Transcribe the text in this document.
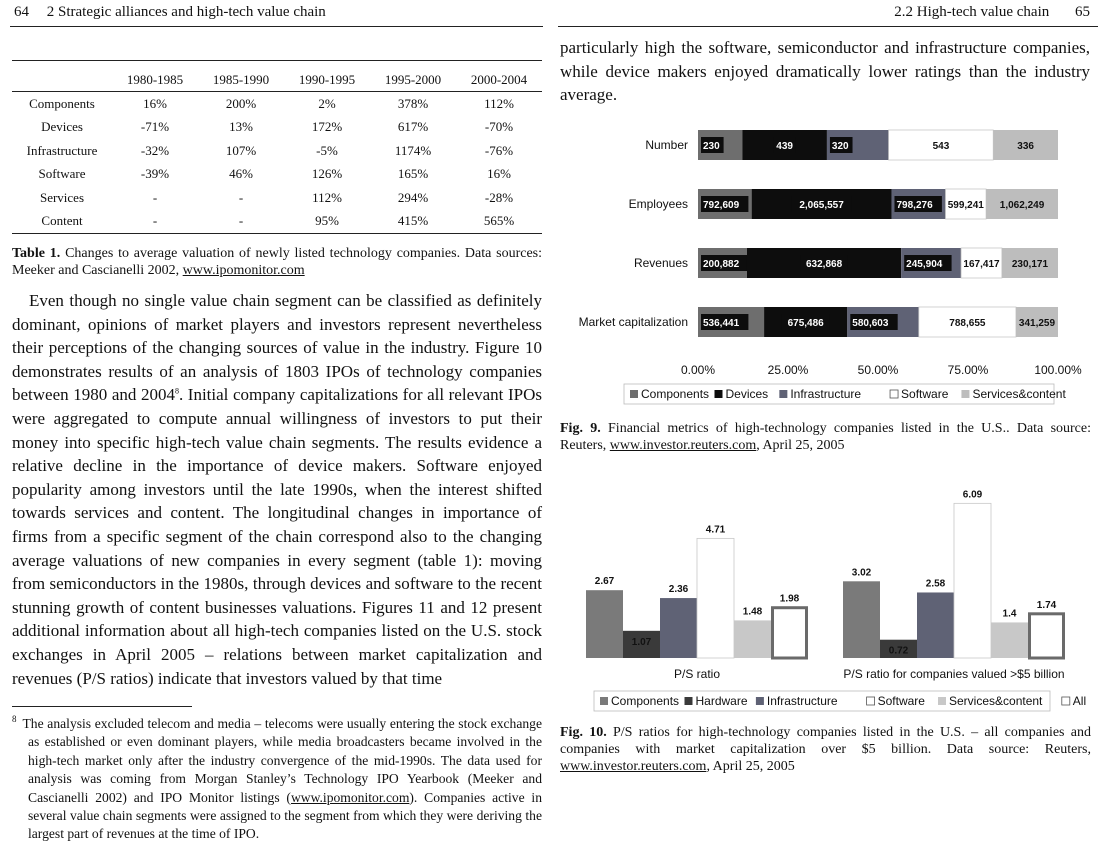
64 2 Strategic alliances and high-tech value chain
	1980-1985	1985-1990	1990-1995	1995-2000	2000-2004
Components	16%	200%	2%	378%	112%
Devices	-71%	13%	172%	617%	-70%
Infrastructure	-32%	107%	-5%	1174%	-76%
Software	-39%	46%	126%	165%	16%
Services	-	-	112%	294%	-28%
Content	-	-	95%	415%	565%
Table 1. Changes to average valuation of newly listed technology companies. Data sources: Meeker and Cascianelli 2002, www.ipomonitor.com

Even though no single value chain segment can be classified as definitely dominant, opinions of market players and investors represent nevertheless their perceptions of the changing sources of value in the industry. Figure 10 demonstrates results of an analysis of 1803 IPOs of technology companies between 1980 and 2004$^8$. Initial company capitalizations for all relevant IPOs were aggregated to compute annual willingness of investors to put their money into specific high-tech value chain segments. The results evidence a relative decline in the importance of device makers. Software enjoyed popularity among investors until the late 1990s, when the interest shifted towards services and content. The longitudinal changes in importance of firms from a specific segment of the chain correspond also to the changing average valuations of new companies in every segment (table 1): moving from semiconductors in the 1980s, through devices and software to the recent stunning growth of content businesses valuations. Figures 11 and 12 present additional information about all high-tech companies listed on the U.S. stock exchanges in April 2005 – relations between market capitalization and revenues (P/S ratios) indicate that investors valued by that time

$^8$ The analysis excluded telecom and media – telecoms were usually entering the stock exchange as established or even dominant players, while media broadcasters became involved in the high-tech market only after the industry convergence of the mid-1990s. The data used for analysis was coming from Morgan Stanley’s Technology IPO Yearbook (Meeker and Cascianelli 2002) and IPO Monitor listings (www.ipomonitor.com). Companies active in several value chain segments were assigned to the segment from which they were deriving the largest part of revenues at the time of IPO.
2.2 High-tech value chain 65

particularly high the software, semiconductor and infrastructure companies, while device makers enjoyed dramatically lower ratings than the industry average.

Number 230	439	320	543	336
Employees 792,609	2,065,557	798,276 599,241 1,062,249
Revenues 200,882	632,868	245,904 167,417 230,171
Market capitalization 536,441	675,486	580,603	788,655	341,259
0.00%	25.00%	50.00%	75.00%	100.00%
Components Devices Infrastructure	Software Services&content
Fig. 9. Financial metrics of high-technology companies listed in the U.S.. Data source: Reuters, www.investor.reuters.com, April 25, 2005
2.67
1.07
2.36
4.71
1.48
1.98
P/S ratio
3.02
0.72
2.58
6.09
1.4
1.74
P/S ratio for companies valued >$5 billion
Components Hardware Infrastructure	Software Services&content	All
Fig. 10. P/S ratios for high-technology companies listed in the U.S. – all companies and companies with market capitalization over $5 billion. Data source: Reuters, www.investor.reuters.com, April 25, 2005
